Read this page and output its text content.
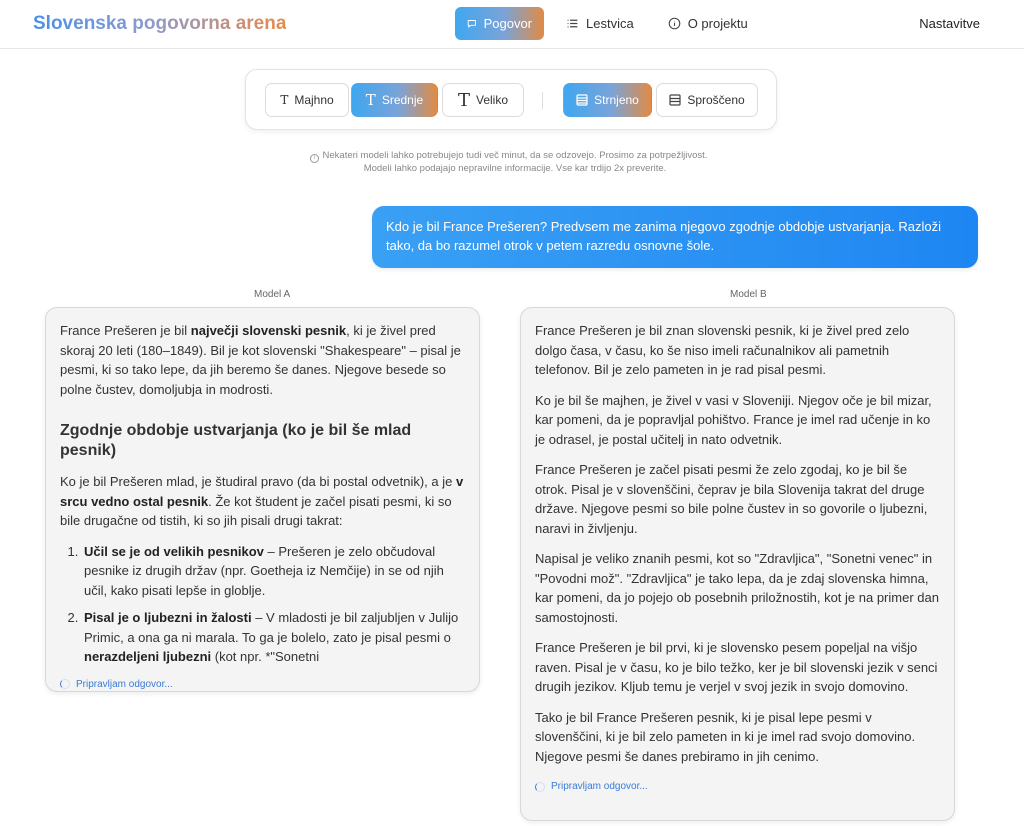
Slovenska pogovorna arena	Pogovor	Lestvica	O projektu	Nastavitve
T Majhno T Srednje T Veliko	Strnjeno	Sproščeno
i Nekateri modeli lahko potrebujejo tudi več minut, da se odzovejo. Prosimo za potrpežljivost. Modeli lahko podajajo nepravilne informacije. Vse kar trdijo 2x preverite.
Kdo je bil France Prešeren? Predvsem me zanima njegovo zgodnje obdobje ustvarjanja. Razloži tako, da bo razumel otrok v petem razredu osnovne šole.
Model A

France Prešeren je bil največji slovenski pesnik, ki je živel pred skoraj 20 leti (180–1849). Bil je kot slovenski "Shakespeare" – pisal je pesmi, ki so tako lepe, da jih beremo še danes. Njegove besede so polne čustev, domoljubja in modrosti.

Zgodnje obdobje ustvarjanja (ko je bil še mlad pesnik)

Ko je bil Prešeren mlad, je študiral pravo (da bi postal odvetnik), a je v srcu vedno ostal pesnik. Že kot študent je začel pisati pesmi, ki so bile drugačne od tistih, ki so jih pisali drugi takrat:

1. Učil se je od velikih pesnikov – Prešeren je zelo občudoval pesnike iz drugih držav (npr. Goetheja iz Nemčije) in se od njih učil, kako pisati lepše in globlje.
2. Pisal je o ljubezni in žalosti – V mladosti je bil zaljubljen v Julijo Primic, a ona ga ni marala. To ga je bolelo, zato je pisal pesmi o nerazdeljeni ljubezni (kot npr. *"Sonetni
Pripravljam odgovor...
Model B

France Prešeren je bil znan slovenski pesnik, ki je živel pred zelo dolgo časa, v času, ko še niso imeli računalnikov ali pametnih telefonov. Bil je zelo pameten in je rad pisal pesmi.

Ko je bil še majhen, je živel v vasi v Sloveniji. Njegov oče je bil mizar, kar pomeni, da je popravljal pohištvo. France je imel rad učenje in ko je odrasel, je postal učitelj in nato odvetnik.

France Prešeren je začel pisati pesmi že zelo zgodaj, ko je bil še otrok. Pisal je v slovenščini, čeprav je bila Slovenija takrat del druge države. Njegove pesmi so bile polne čustev in so govorile o ljubezni, naravi in življenju.

Napisal je veliko znanih pesmi, kot so "Zdravljica", "Sonetni venec" in "Povodni mož". "Zdravljica" je tako lepa, da je zdaj slovenska himna, kar pomeni, da jo pojejo ob posebnih priložnostih, kot je na primer dan samostojnosti.

France Prešeren je bil prvi, ki je slovensko pesem popeljal na višjo raven. Pisal je v času, ko je bilo težko, ker je bil slovenski jezik v senci drugih jezikov. Kljub temu je verjel v svoj jezik in svojo domovino.

Tako je bil France Prešeren pesnik, ki je pisal lepe pesmi v slovenščini, ki je bil zelo pameten in ki je imel rad svojo domovino. Njegove pesmi še danes prebiramo in jih cenimo.

Pripravljam odgovor...
